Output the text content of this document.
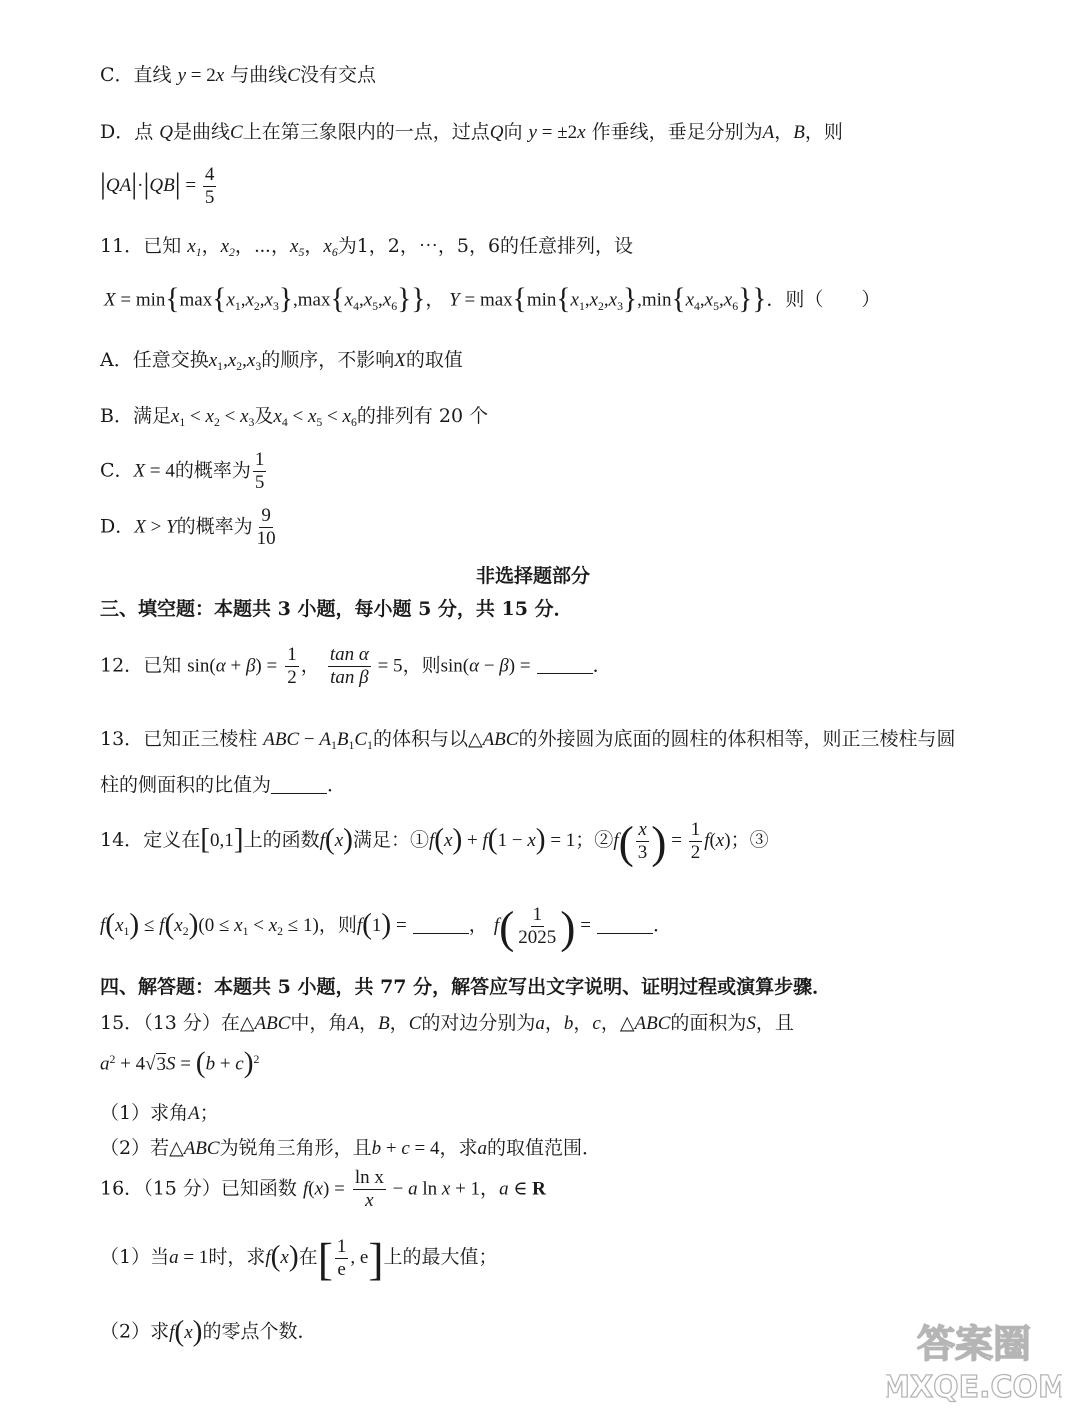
C．直线 y = 2x 与曲线C没有交点
D．点 Q是曲线C上在第三象限内的一点，过点Q向 y = ±2x 作垂线，垂足分别为A，B，则
$|QA|\cdot|QB| = \frac{4}{5}$
11．已知 $x_1$，$x_2$，⋯，$x_5$，$x_6$为1，2，⋯，5，6的任意排列，设
$X = \min\{\max\{x_1,x_2,x_3\},\max\{x_4,x_5,x_6\}\}$， $Y = \max\{\min\{x_1,x_2,x_3\},\min\{x_4,x_5,x_6\}\}$．则（　　）
A．任意交换$x_1,x_2,x_3$的顺序，不影响X的取值
B．满足$x_1 < x_2 < x_3$及$x_4 < x_5 < x_6$的排列有 20 个
C．X = 4的概率为 $\frac{1}{5}$
D．X > Y的概率为 $\frac{9}{10}$
非选择题部分
三、填空题：本题共 3 小题，每小题 5 分，共 15 分．
12．已知 $\sin(\alpha + \beta) = \frac{1}{2}$ ， $\frac{\text{tan α}}{\text{tan β}} = 5$，则sin(α − β) =	．
13．已知正三棱柱 ABC − $A_1B_1C_1$的体积与以△ABC的外接圆为底面的圆柱的体积相等，则正三棱柱与圆
柱的侧面积的比值为	．
14．定义在[0,1]上的函数f(x)满足：①f(x) + f(1 − x) = 1；②f( $\frac{x}{3}$ ) = $\frac{1}{2} f(x)$；③
$f(x_1) \le f(x_2)(0 \le x_1 < x_2 \le 1)$，则f(1) =	， $f( \frac{1}{2025}$ ) =	．
四、解答题：本题共 5 小题，共 77 分，解答应写出文字说明、证明过程或演算步骤．
15．（13 分）在△ABC中，角A，B，C的对边分别为a，b，c，△ABC的面积为S，且
$a^2 + 4√3S = (b + c)^2$
（1）求角A；
（2）若△ABC为锐角三角形，且b + c = 4，求a的取值范围．
16．（15 分）已知函数 $f(x) = \frac{\text{ln x}}{x} - a$ ln x + 1，a ∈ R
（1）当a = 1时，求f(x)在[ $\frac{1}{e}$ , e]上的最大值；
（2）求f(x)的零点个数．	答案圈
MXQE.COM
